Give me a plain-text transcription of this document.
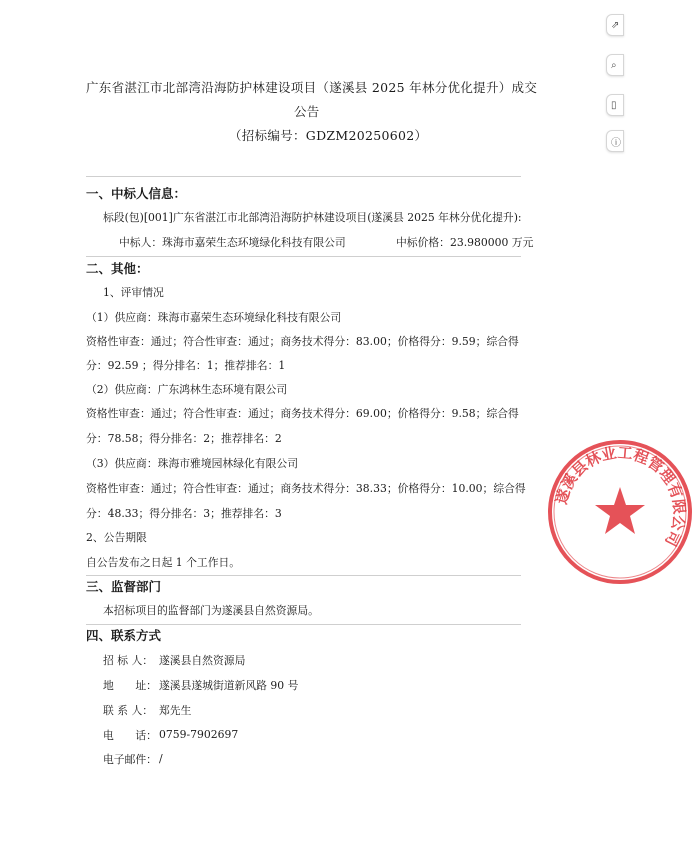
广东省湛江市北部湾沿海防护林建设项目（遂溪县 2025 年林分优化提升）成交
公告
（招标编号：GDZM20250602）
一、中标人信息：
标段(包)[001]广东省湛江市北部湾沿海防护林建设项目(遂溪县 2025 年林分优化提升):
中标人：珠海市嘉荣生态环境绿化科技有限公司	中标价格：23.980000 万元
二、其他：
1、评审情况
（1）供应商：珠海市嘉荣生态环境绿化科技有限公司
资格性审查：通过；符合性审查：通过；商务技术得分：83.00；价格得分：9.59；综合得
分：92.59 ；得分排名：1；推荐排名：1
（2）供应商：广东鸿林生态环境有限公司
资格性审查：通过；符合性审查：通过；商务技术得分：69.00；价格得分：9.58；综合得
分：78.58；得分排名：2；推荐排名：2
（3）供应商：珠海市雅境园林绿化有限公司
资格性审查：通过；符合性审查：通过；商务技术得分：38.33；价格得分：10.00；综合得
分：48.33；得分排名：3；推荐排名：3
2、公告期限
自公告发布之日起 1 个工作日。
三、监督部门
本招标项目的监督部门为遂溪县自然资源局。
四、联系方式
招 标 人： 遂溪县自然资源局
地　　址： 遂溪县遂城街道新风路 90 号
联 系 人： 郑先生
电　　话： 0759-7902697
电子邮件： /
遂溪县林业工程管理有限公司
⇗
⌕
▯
ⓘ
